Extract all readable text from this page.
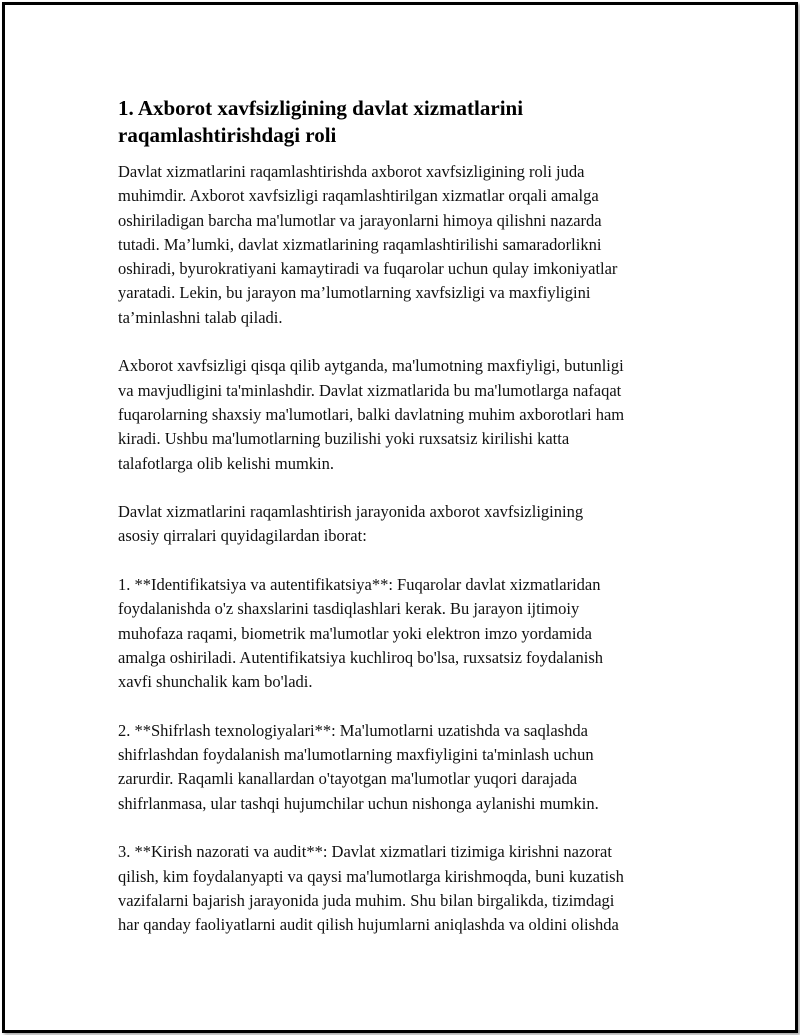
1. Axborot xavfsizligining davlat xizmatlarini
raqamlashtirishdagi roli

Davlat xizmatlarini raqamlashtirishda axborot xavfsizligining roli juda
muhimdir. Axborot xavfsizligi raqamlashtirilgan xizmatlar orqali amalga
oshiriladigan barcha ma'lumotlar va jarayonlarni himoya qilishni nazarda
tutadi. Ma’lumki, davlat xizmatlarining raqamlashtirilishi samaradorlikni
oshiradi, byurokratiyani kamaytiradi va fuqarolar uchun qulay imkoniyatlar
yaratadi. Lekin, bu jarayon ma’lumotlarning xavfsizligi va maxfiyligini
ta’minlashni talab qiladi.

Axborot xavfsizligi qisqa qilib aytganda, ma'lumotning maxfiyligi, butunligi
va mavjudligini ta'minlashdir. Davlat xizmatlarida bu ma'lumotlarga nafaqat
fuqarolarning shaxsiy ma'lumotlari, balki davlatning muhim axborotlari ham
kiradi. Ushbu ma'lumotlarning buzilishi yoki ruxsatsiz kirilishi katta
talafotlarga olib kelishi mumkin.

Davlat xizmatlarini raqamlashtirish jarayonida axborot xavfsizligining
asosiy qirralari quyidagilardan iborat:

1. **Identifikatsiya va autentifikatsiya**: Fuqarolar davlat xizmatlaridan
foydalanishda o'z shaxslarini tasdiqlashlari kerak. Bu jarayon ijtimoiy
muhofaza raqami, biometrik ma'lumotlar yoki elektron imzo yordamida
amalga oshiriladi. Autentifikatsiya kuchliroq bo'lsa, ruxsatsiz foydalanish
xavfi shunchalik kam bo'ladi.

2. **Shifrlash texnologiyalari**: Ma'lumotlarni uzatishda va saqlashda
shifrlashdan foydalanish ma'lumotlarning maxfiyligini ta'minlash uchun
zarurdir. Raqamli kanallardan o'tayotgan ma'lumotlar yuqori darajada
shifrlanmasa, ular tashqi hujumchilar uchun nishonga aylanishi mumkin.

3. **Kirish nazorati va audit**: Davlat xizmatlari tizimiga kirishni nazorat
qilish, kim foydalanyapti va qaysi ma'lumotlarga kirishmoqda, buni kuzatish
vazifalarni bajarish jarayonida juda muhim. Shu bilan birgalikda, tizimdagi
har qanday faoliyatlarni audit qilish hujumlarni aniqlashda va oldini olishda
